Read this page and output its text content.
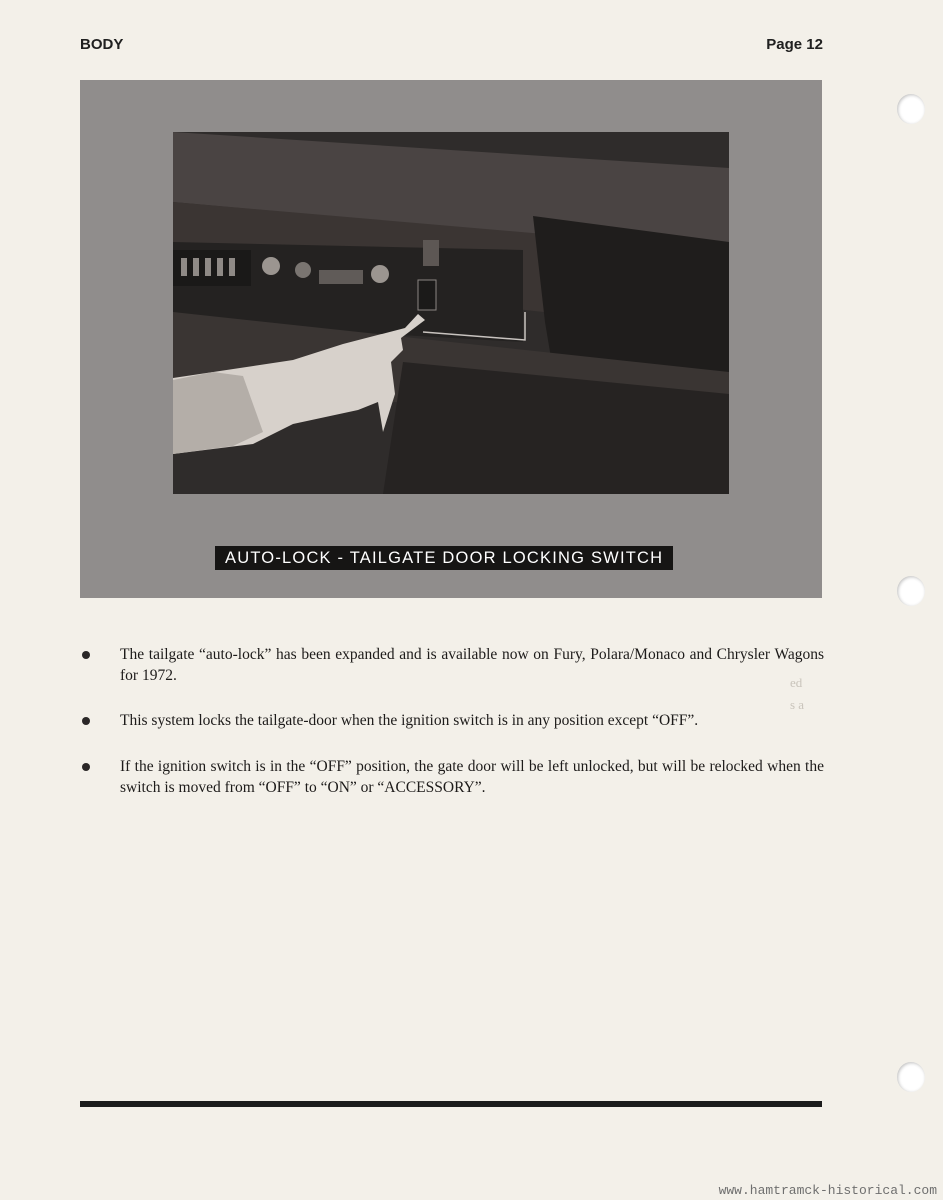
BODY	Page 12
AUTO-LOCK - TAILGATE DOOR LOCKING SWITCH
ed
s a
The tailgate “auto-lock” has been expanded and is available now on Fury, Polara/Monaco and Chrysler Wagons for 1972.
This system locks the tailgate-door when the ignition switch is in any position except “OFF”.
If the ignition switch is in the “OFF” position, the gate door will be left unlocked, but will be relocked when the switch is moved from “OFF” to “ON” or “ACCESSORY”.
www.hamtramck-historical.com
